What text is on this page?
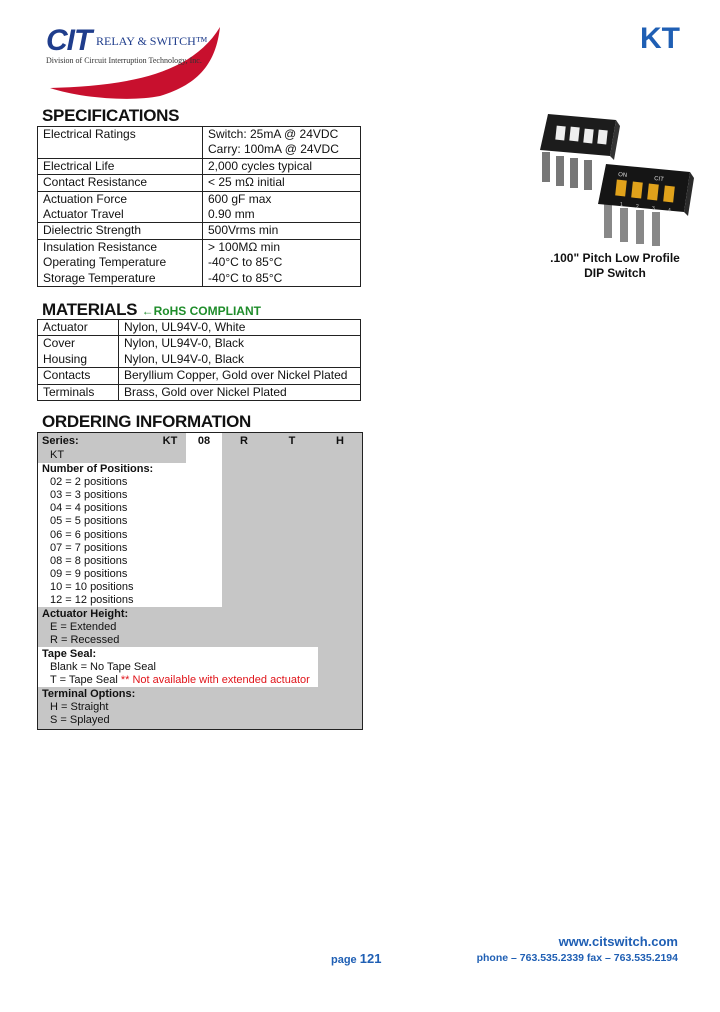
CIT RELAY & SWITCH™
Division of Circuit Interruption Technology, Inc.
KT
SPECIFICATIONS
Electrical Ratings	Switch: 25mA @ 24VDC
Carry: 100mA @ 24VDC

Electrical Life	2,000 cycles typical
Contact Resistance	< 25 mΩ initial
Actuation Force	600 gF max
Actuator Travel	0.90 mm
Dielectric Strength	500Vrms min
Insulation Resistance	> 100MΩ min
Operating Temperature	-40°C to 85°C
Storage Temperature	-40°C to 85°C
MATERIALS ←RoHS COMPLIANT
Actuator	Nylon, UL94V-0, White
Cover	Nylon, UL94V-0, Black
Housing	Nylon, UL94V-0, Black
Contacts	Beryllium Copper, Gold over Nickel Plated
Terminals	Brass, Gold over Nickel Plated
ORDERING INFORMATION
Series:	KT	08	R	T	H
KT
Number of Positions:
02 = 2 positions
03 = 3 positions
04 = 4 positions
05 = 5 positions
06 = 6 positions
07 = 7 positions
08 = 8 positions
09 = 9 positions
10 = 10 positions
12 = 12 positions
Actuator Height:
E = Extended
R = Recessed
Tape Seal:
Blank = No Tape Seal
T = Tape Seal ** Not available with extended actuator
Terminal Options:
H = Straight
S = Splayed
ON
CIT
1	2	3	4
.100" Pitch Low Profile
DIP Switch
www.citswitch.com
page 121	phone – 763.535.2339 fax – 763.535.2194
